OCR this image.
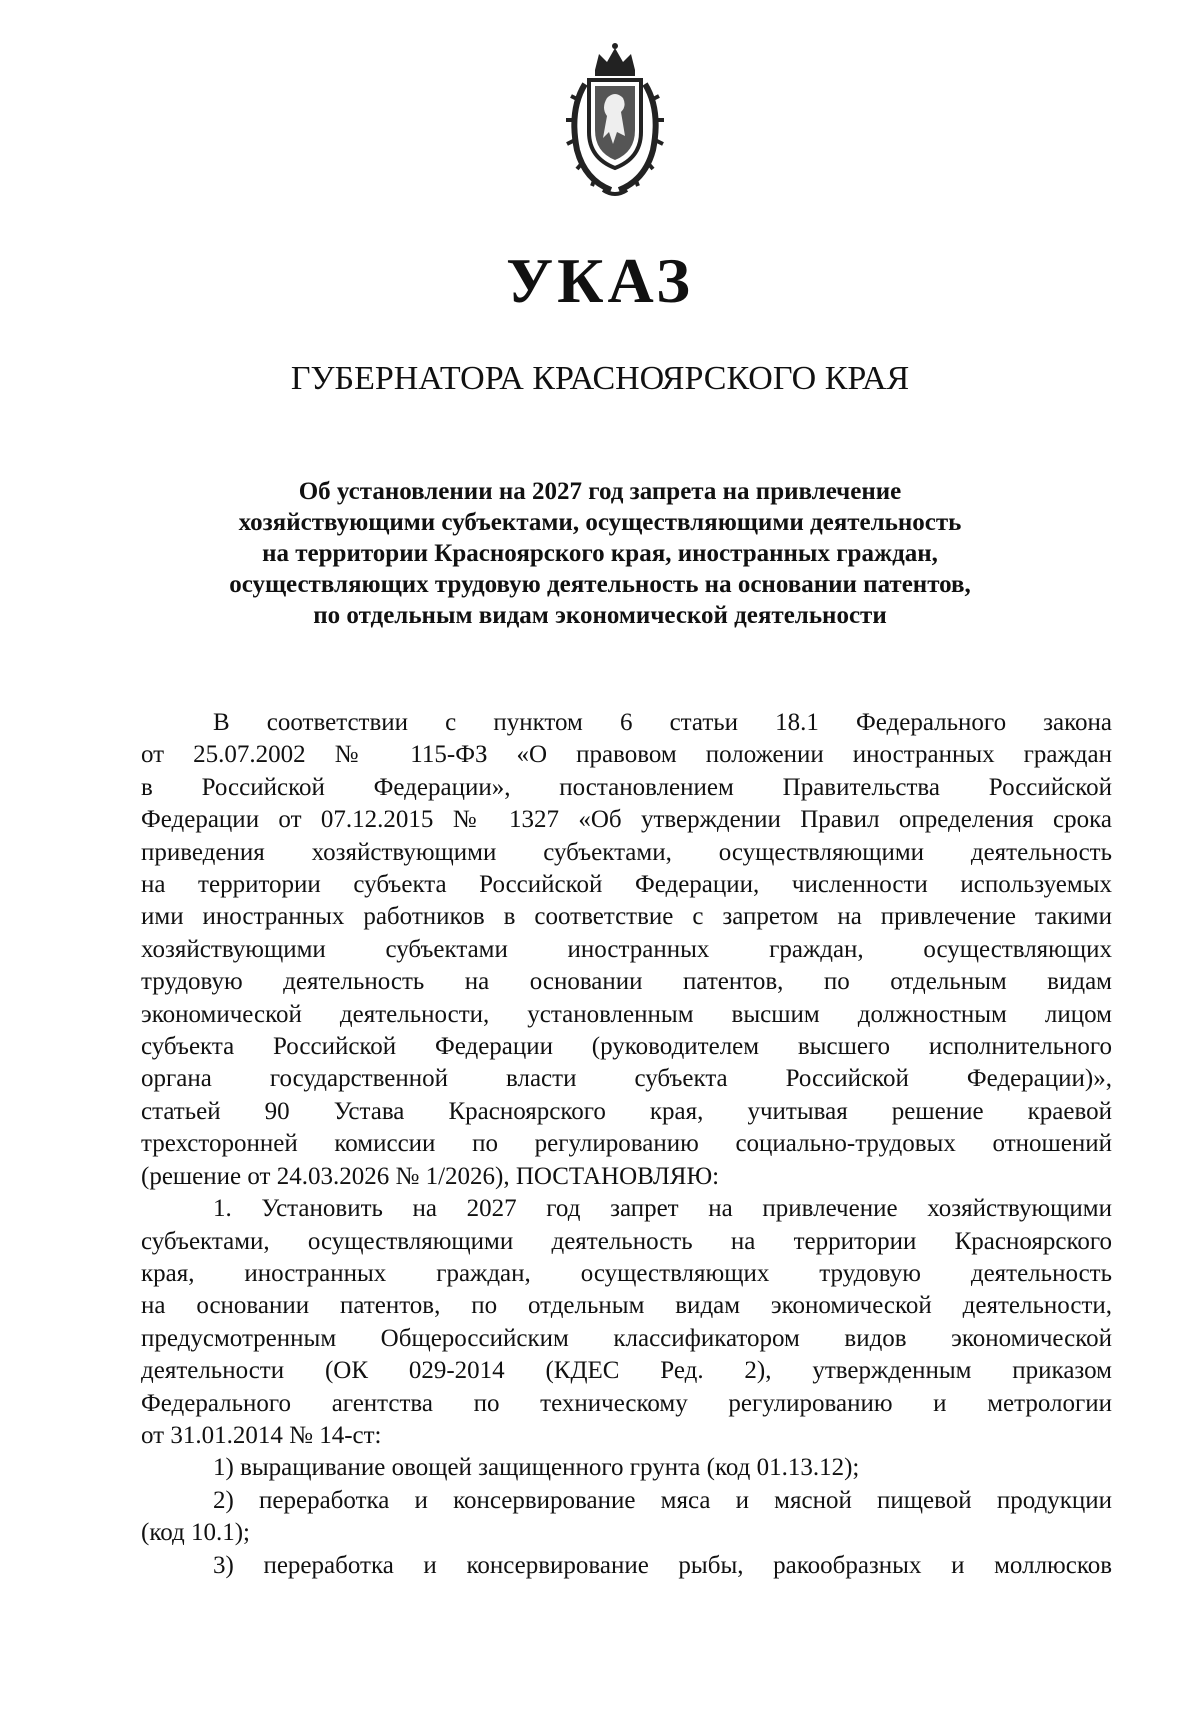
УКАЗ
ГУБЕРНАТОРА КРАСНОЯРСКОГО КРАЯ
Об установлении на 2027 год запрета на привлечение
хозяйствующими субъектами, осуществляющими деятельность
на территории Красноярского края, иностранных граждан,
осуществляющих трудовую деятельность на основании патентов,
по отдельным видам экономической деятельности

В соответствии с пунктом 6 статьи 18.1 Федерального закона
от 25.07.2002 № 115-ФЗ «О правовом положении иностранных граждан
в Российской Федерации», постановлением Правительства Российской
Федерации от 07.12.2015 № 1327 «Об утверждении Правил определения срока
приведения хозяйствующими субъектами, осуществляющими деятельность
на территории субъекта Российской Федерации, численности используемых
ими иностранных работников в соответствие с запретом на привлечение такими
хозяйствующими субъектами иностранных граждан, осуществляющих
трудовую деятельность на основании патентов, по отдельным видам
экономической деятельности, установленным высшим должностным лицом
субъекта Российской Федерации (руководителем высшего исполнительного
органа государственной власти субъекта Российской Федерации)»,
статьей 90 Устава Красноярского края, учитывая решение краевой
трехсторонней комиссии по регулированию социально-трудовых отношений
(решение от 24.03.2026 № 1/2026), ПОСТАНОВЛЯЮ:

1. Установить на 2027 год запрет на привлечение хозяйствующими
субъектами, осуществляющими деятельность на территории Красноярского
края, иностранных граждан, осуществляющих трудовую деятельность
на основании патентов, по отдельным видам экономической деятельности,
предусмотренным Общероссийским классификатором видов экономической
деятельности (ОК 029-2014 (КДЕС Ред. 2), утвержденным приказом
Федерального агентства по техническому регулированию и метрологии
от 31.01.2014 № 14-ст:

1) выращивание овощей защищенного грунта (код 01.13.12);

2) переработка и консервирование мяса и мясной пищевой продукции
(код 10.1);

3) переработка и консервирование рыбы, ракообразных и моллюсков
